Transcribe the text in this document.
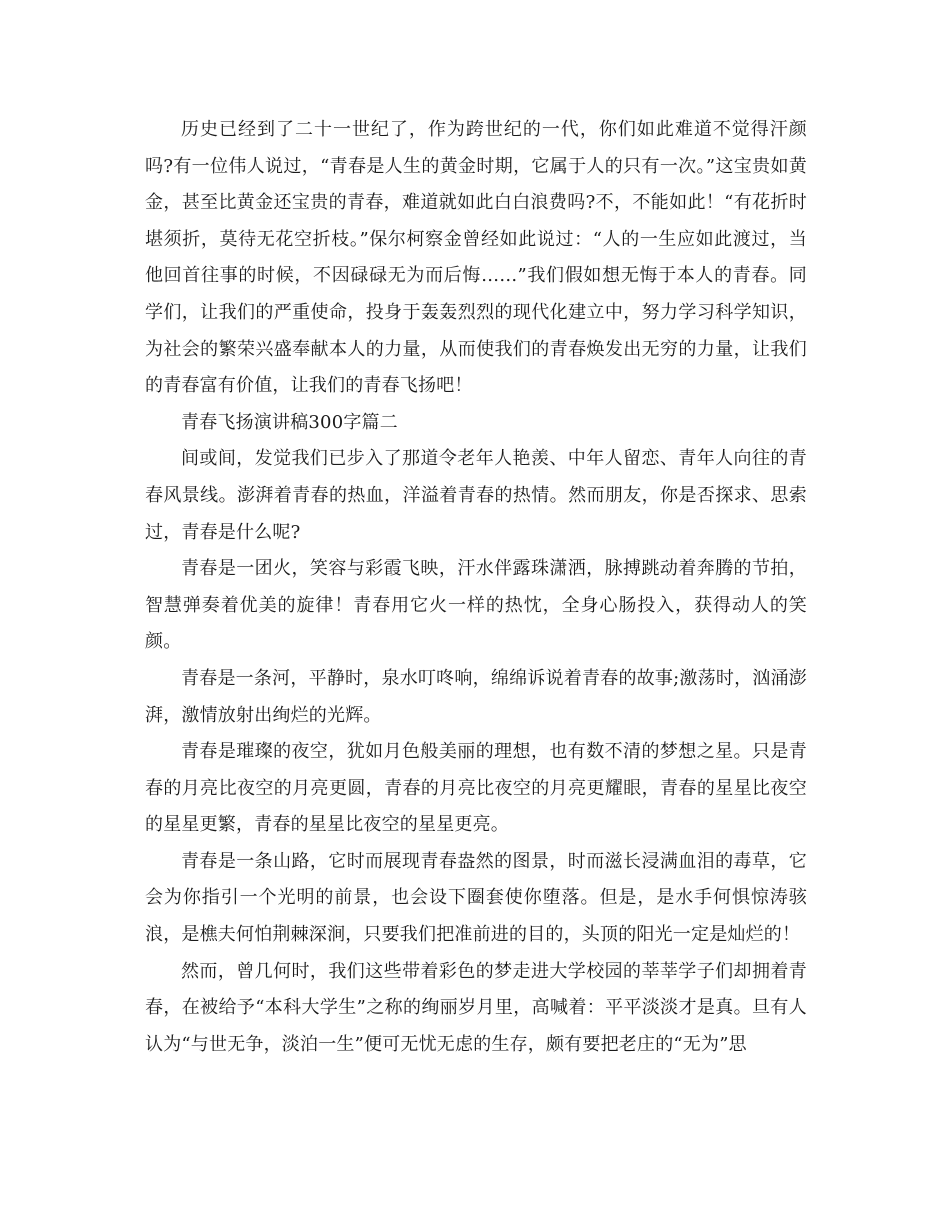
历史已经到了二十一世纪了，作为跨世纪的一代，你们如此难道不觉得汗颜吗?有一位伟人说过，“青春是人生的黄金时期，它属于人的只有一次。”这宝贵如黄金，甚至比黄金还宝贵的青春，难道就如此白白浪费吗?不，不能如此！“有花折时堪须折，莫待无花空折枝。”保尔柯察金曾经如此说过：“人的一生应如此渡过，当他回首往事的时候，不因碌碌无为而后悔……”我们假如想无悔于本人的青春。同学们，让我们的严重使命，投身于轰轰烈烈的现代化建立中，努力学习科学知识，为社会的繁荣兴盛奉献本人的力量，从而使我们的青春焕发出无穷的力量，让我们的青春富有价值，让我们的青春飞扬吧！

青春飞扬演讲稿300字篇二

间或间，发觉我们已步入了那道令老年人艳羡、中年人留恋、青年人向往的青春风景线。澎湃着青春的热血，洋溢着青春的热情。然而朋友，你是否探求、思索过，青春是什么呢?

青春是一团火，笑容与彩霞飞映，汗水伴露珠潇洒，脉搏跳动着奔腾的节拍，智慧弹奏着优美的旋律！青春用它火一样的热忱，全身心肠投入，获得动人的笑颜。

青春是一条河，平静时，泉水叮咚响，绵绵诉说着青春的故事;激荡时，汹涌澎湃，激情放射出绚烂的光辉。

青春是璀璨的夜空，犹如月色般美丽的理想，也有数不清的梦想之星。只是青春的月亮比夜空的月亮更圆，青春的月亮比夜空的月亮更耀眼，青春的星星比夜空的星星更繁，青春的星星比夜空的星星更亮。

青春是一条山路，它时而展现青春盎然的图景，时而滋长浸满血泪的毒草，它会为你指引一个光明的前景，也会设下圈套使你堕落。但是，是水手何惧惊涛骇浪，是樵夫何怕荆棘深涧，只要我们把准前进的目的，头顶的阳光一定是灿烂的！

然而，曾几何时，我们这些带着彩色的梦走进大学校园的莘莘学子们却拥着青春，在被给予“本科大学生”之称的绚丽岁月里，高喊着：平平淡淡才是真。旦有人认为“与世无争，淡泊一生”便可无忧无虑的生存，颇有要把老庄的“无为”思
